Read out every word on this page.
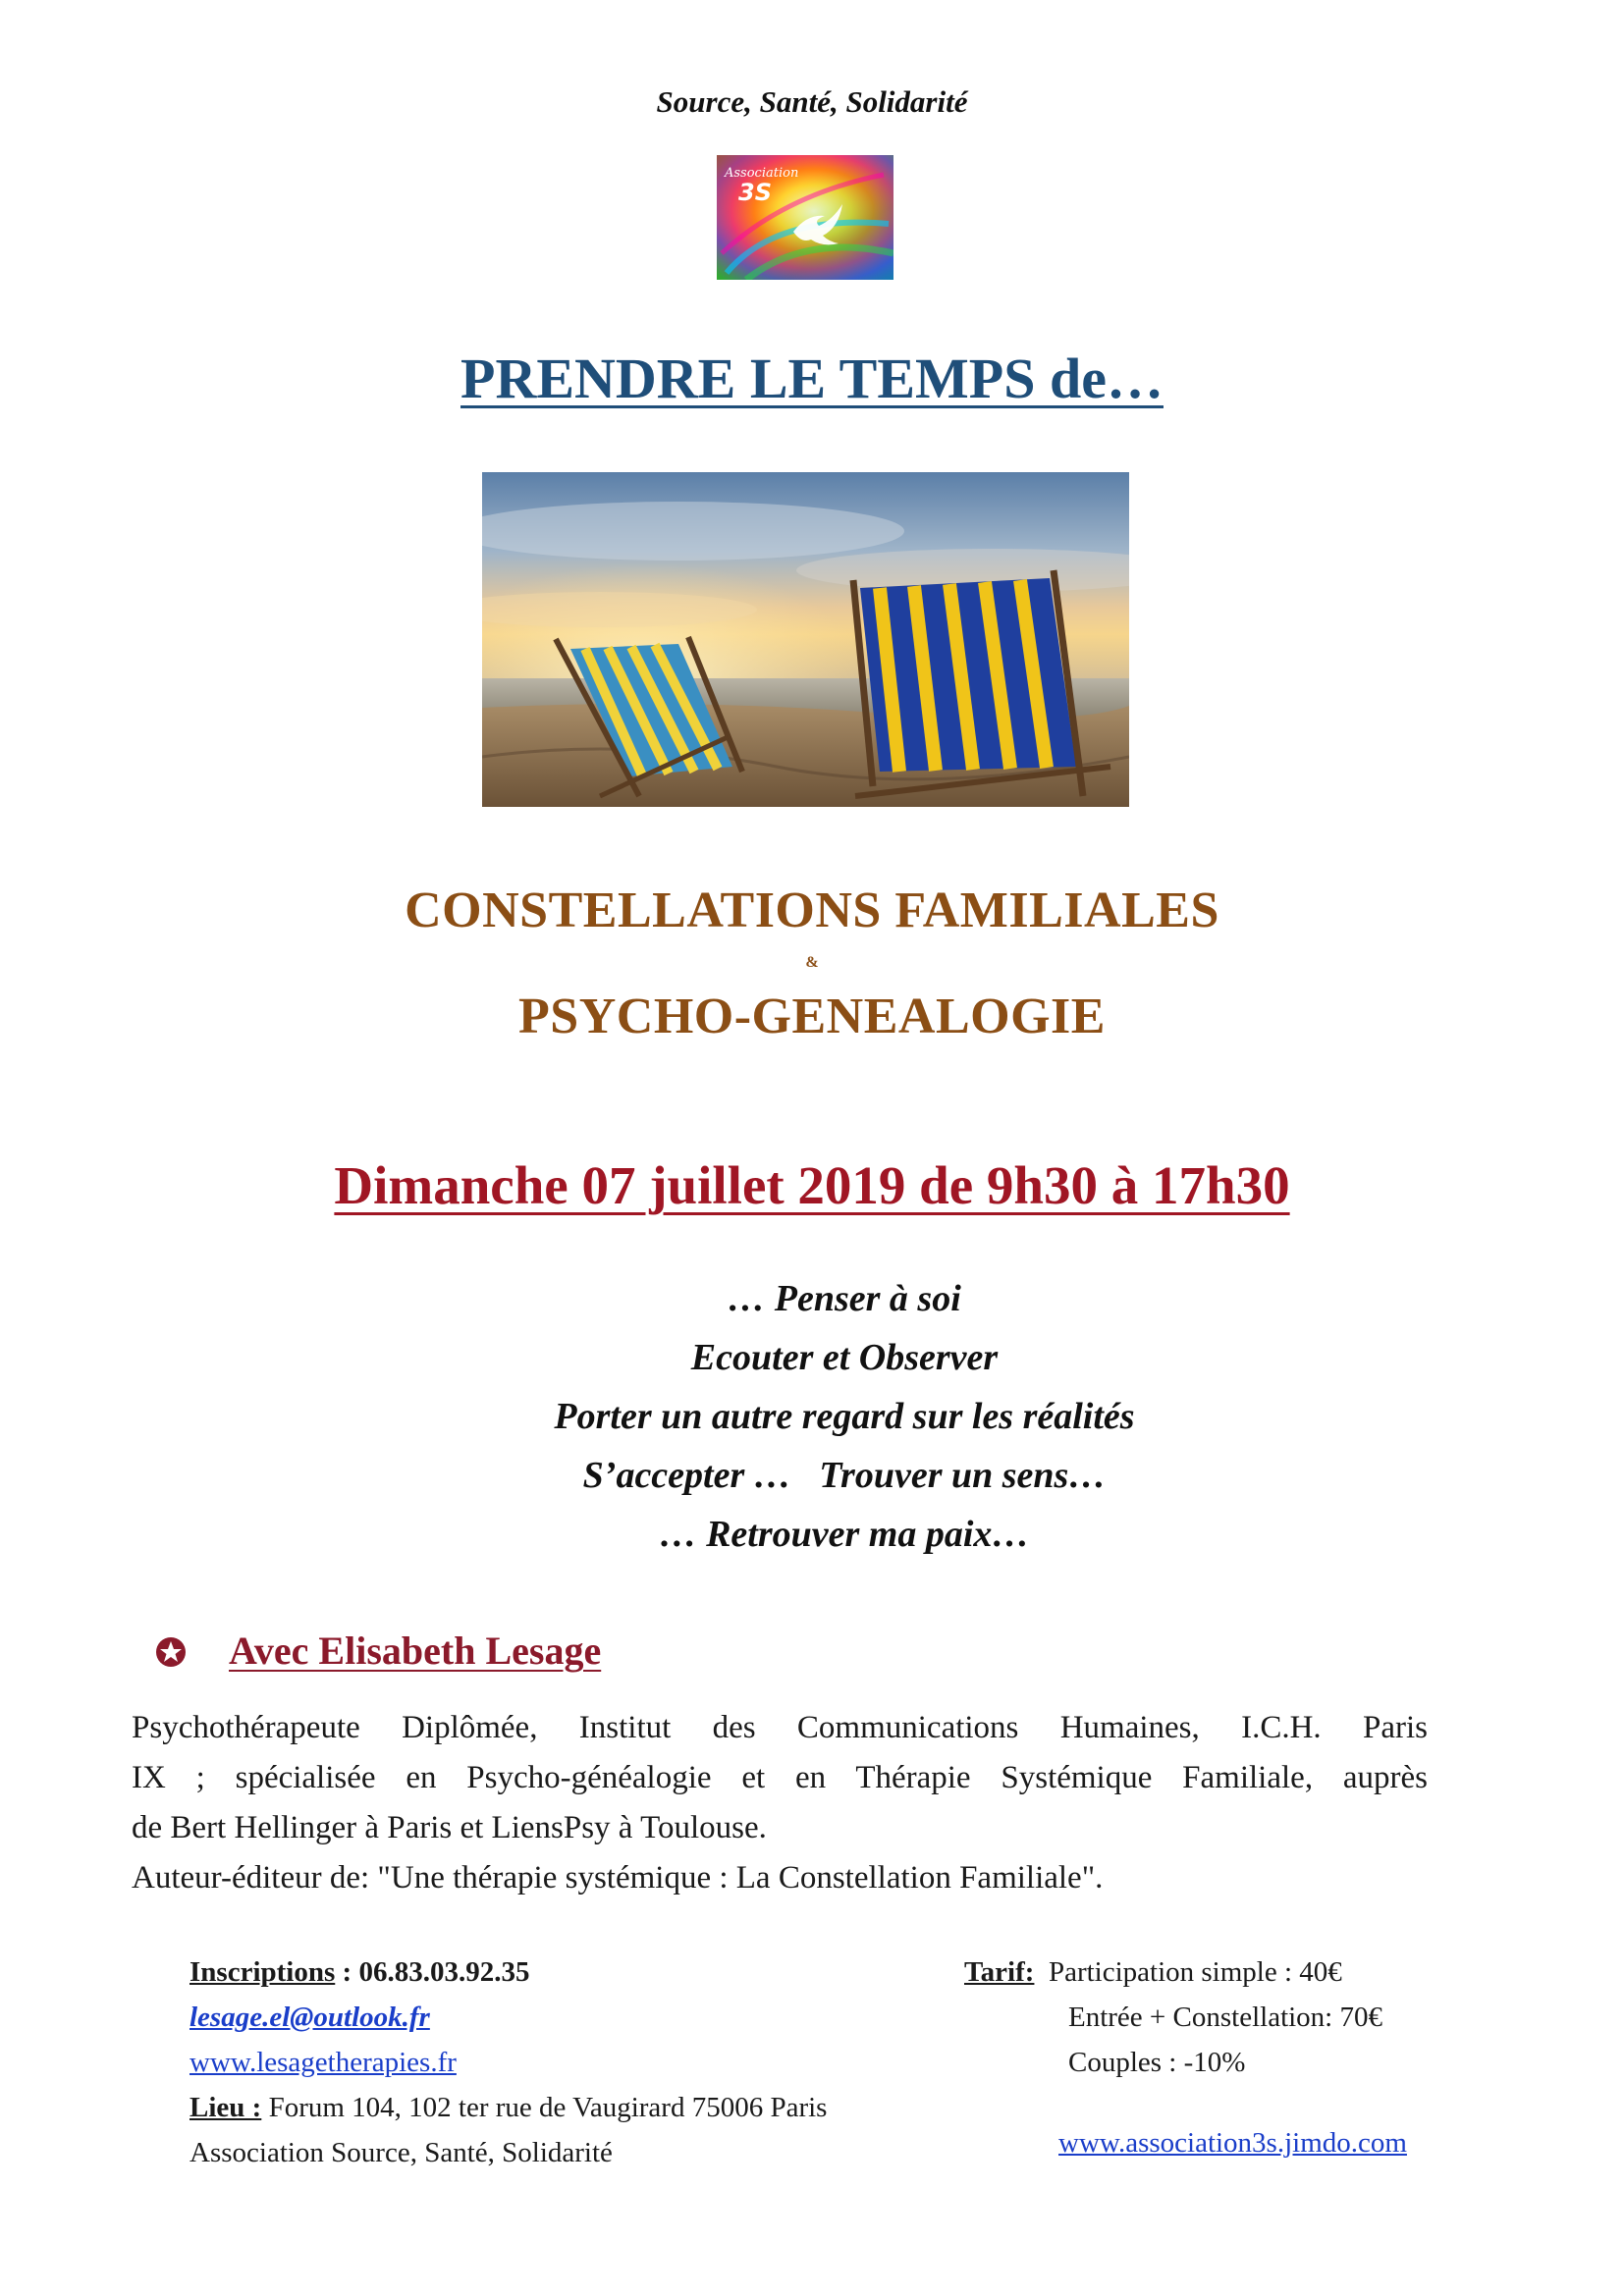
Source, Santé, Solidarité
Association
3S
PRENDRE LE TEMPS de…
CONSTELLATIONS FAMILIALES
&
PSYCHO-GENEALOGIE
Dimanche 07 juillet 2019 de 9h30 à 17h30
… Penser à soi
Ecouter et Observer
Porter un autre regard sur les réalités
S’accepter …   Trouver un sens…
… Retrouver ma paix…
Avec Elisabeth Lesage
Psychothérapeute Diplômée, Institut des Communications Humaines, I.C.H. Paris
IX ; spécialisée en Psycho-généalogie et en Thérapie Systémique Familiale, auprès
de Bert Hellinger à Paris et LiensPsy à Toulouse.
Auteur-éditeur de: "Une thérapie systémique : La Constellation Familiale".
Inscriptions : 06.83.03.92.35
lesage.el@outlook.fr
www.lesagetherapies.fr
Lieu : Forum 104, 102 ter rue de Vaugirard 75006 Paris
Association Source, Santé, Solidarité
Tarif: Participation simple : 40€
Entrée + Constellation: 70€
Couples : -10%
www.association3s.jimdo.com
